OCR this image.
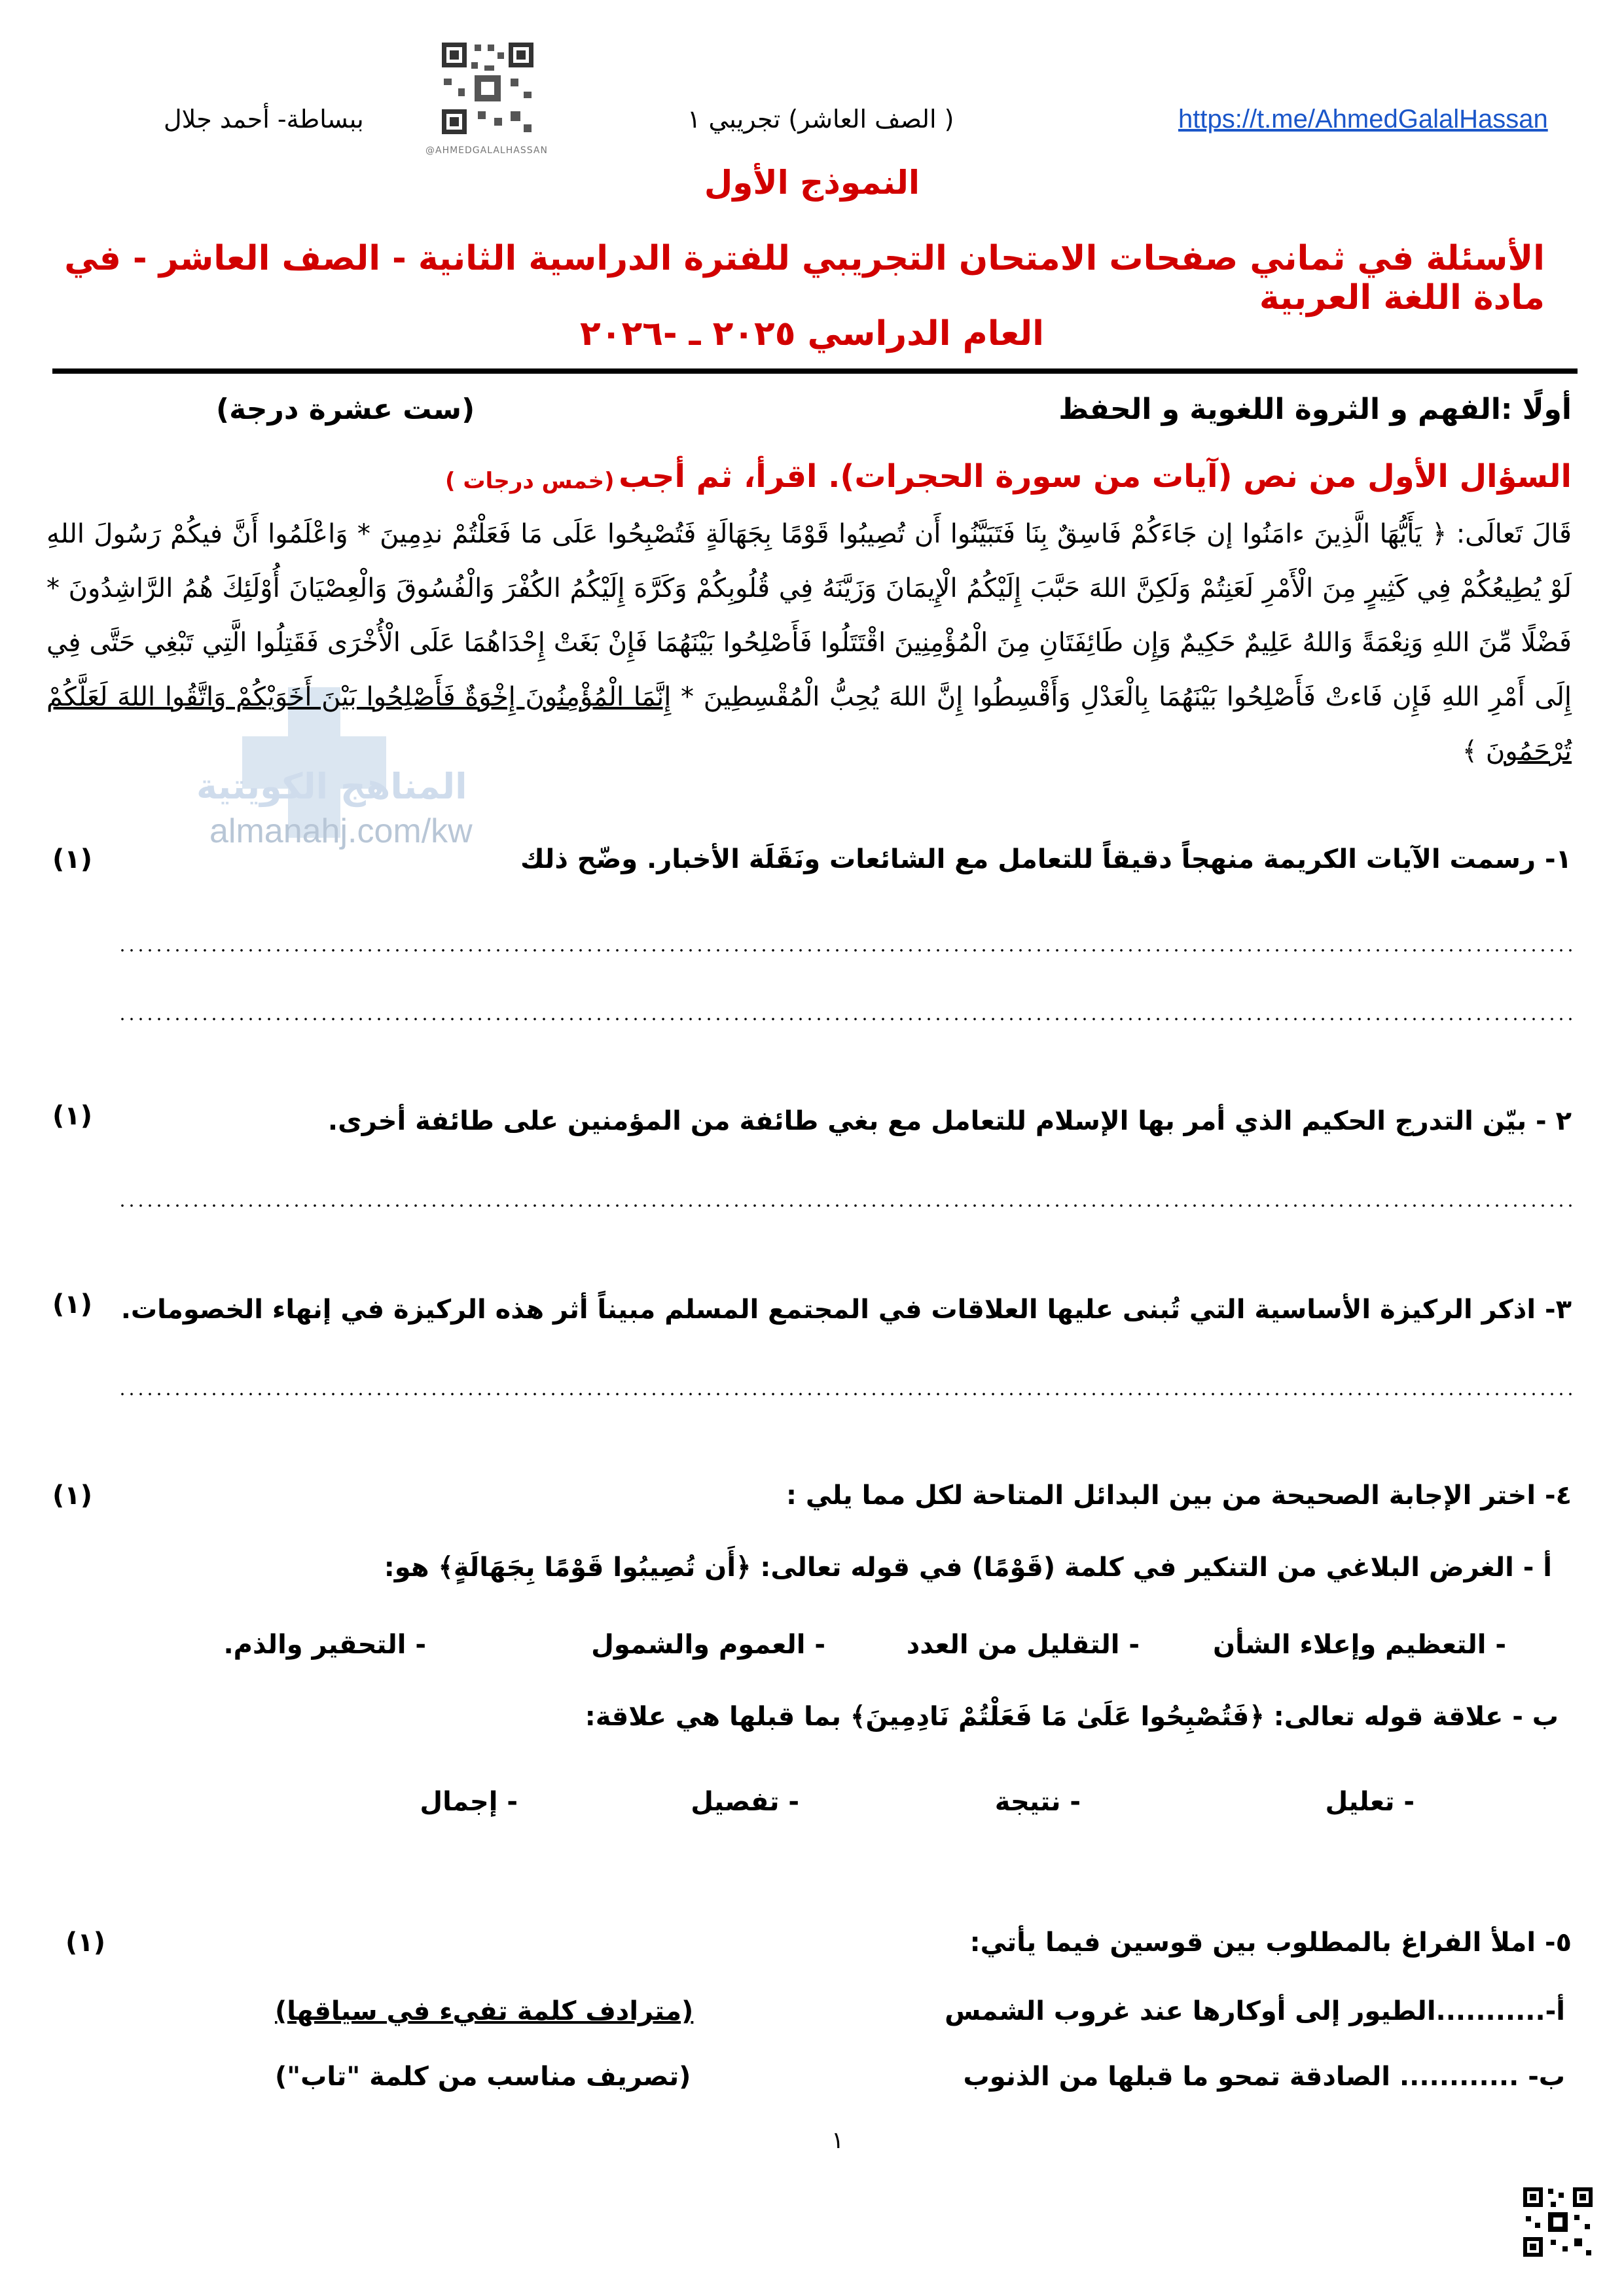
https://t.me/AhmedGalalHassan
( الصف العاشر) تجريبي ١
ببساطة- أحمد جلال
@AHMEDGALALHASSAN
النموذج الأول
الأسئلة في ثماني صفحات الامتحان التجريبي للفترة الدراسية الثانية - الصف العاشر - في مادة اللغة العربية
العام الدراسي ٢٠٢٥ ـ -٢٠٢٦
أولًا :الفهم و الثروة اللغوية و الحفظ
(ست عشرة درجة)
السؤال الأول من نص (آيات من سورة الحجرات). اقرأ، ثم أجب
(خمس درجات )
المناهج الكويتية
almanahj.com/kw
قَالَ تَعالَى: ﴿ يَأَيُّهَا الَّذِينَ ءامَنُوا إن جَاءَكُمْ فَاسِقٌ بِنَا فَتَبَيَّنُوا أَن تُصِيبُوا قَوْمًا بِجَهَالَةٍ فَتُصْبِحُوا عَلَى مَا فَعَلْتُمْ ندِمِينَ * وَاعْلَمُوا أَنَّ فيكُمْ رَسُولَ اللهِ لَوْ يُطِيعُكُمْ فِي كَثِيرٍ مِنَ الْأَمْرِ لَعَنِتُمْ وَلَكِنَّ اللهَ حَبَّبَ إِلَيْكُمُ الْإِيمَانَ وَزَيَّنَهُ فِي قُلُوبِكُمْ وَكَرَّهَ إِلَيْكُمُ الكُفْرَ وَالْفُسُوقَ وَالْعِصْيَانَ أُوْلَئِكَ هُمُ الرَّاشِدُونَ * فَضْلًا مِّنَ اللهِ وَنِعْمَةً وَاللهُ عَلِيمٌ حَكِيمٌ وَإِن طَائِفَتَانِ مِنَ الْمُؤْمِنِينَ اقْتَتَلُوا فَأَصْلِحُوا بَيْنَهُمَا فَإِنْ بَغَتْ إِحْدَاهُمَا عَلَى الْأُخْرَى فَقَتِلُوا الَّتِي تَبْغِي حَتَّى فِي إِلَى أَمْرِ اللهِ فَإِن فَاءتْ فَأَصْلِحُوا بَيْنَهُمَا بِالْعَدْلِ وَأَقْسِطُوا إِنَّ اللهَ يُحِبُّ الْمُقْسِطِينَ * إِنَّمَا الْمُؤْمِنُونَ إِخْوَةٌ فَأَصْلِحُوا بَيْنَ أَخَوَيْكُمْ وَاتَّقُوا اللهَ لَعَلَّكُمْ تُرْحَمُونَ ﴾
١- رسمت الآيات الكريمة منهجاً دقيقاً للتعامل مع الشائعات ونَقَلَة الأخبار. وضّح ذلك
(١)
٢ - بيّن التدرج الحكيم الذي أمر بها الإسلام للتعامل مع بغي طائفة من المؤمنين على طائفة أخرى.
(١)
٣- اذكر الركيزة الأساسية التي تُبنى عليها العلاقات في المجتمع المسلم مبيناً أثر هذه الركيزة في إنهاء الخصومات.
(١)
٤- اختر الإجابة الصحيحة من بين البدائل المتاحة لكل مما يلي :
(١)
أ - الغرض البلاغي من التنكير في كلمة (قَوْمًا) في قوله تعالى: ﴿أَن تُصِيبُوا قَوْمًا بِجَهَالَةٍ﴾ هو:
- التعظيم وإعلاء الشأن
- التقليل من العدد
- العموم والشمول
- التحقير والذم.
ب - علاقة قوله تعالى: ﴿فَتُصْبِحُوا عَلَىٰ مَا فَعَلْتُمْ نَادِمِينَ﴾ بما قبلها هي علاقة:
- تعليل
- نتيجة
- تفصيل
- إجمال
٥- املأ الفراغ بالمطلوب بين قوسين فيما يأتي:
(١)
أ-...........الطيور إلى أوكارها عند غروب الشمس
(مترادف كلمة تفيء في سياقها)
ب- ............ الصادقة تمحو ما قبلها من الذنوب
(تصريف مناسب من كلمة "تاب")
١
